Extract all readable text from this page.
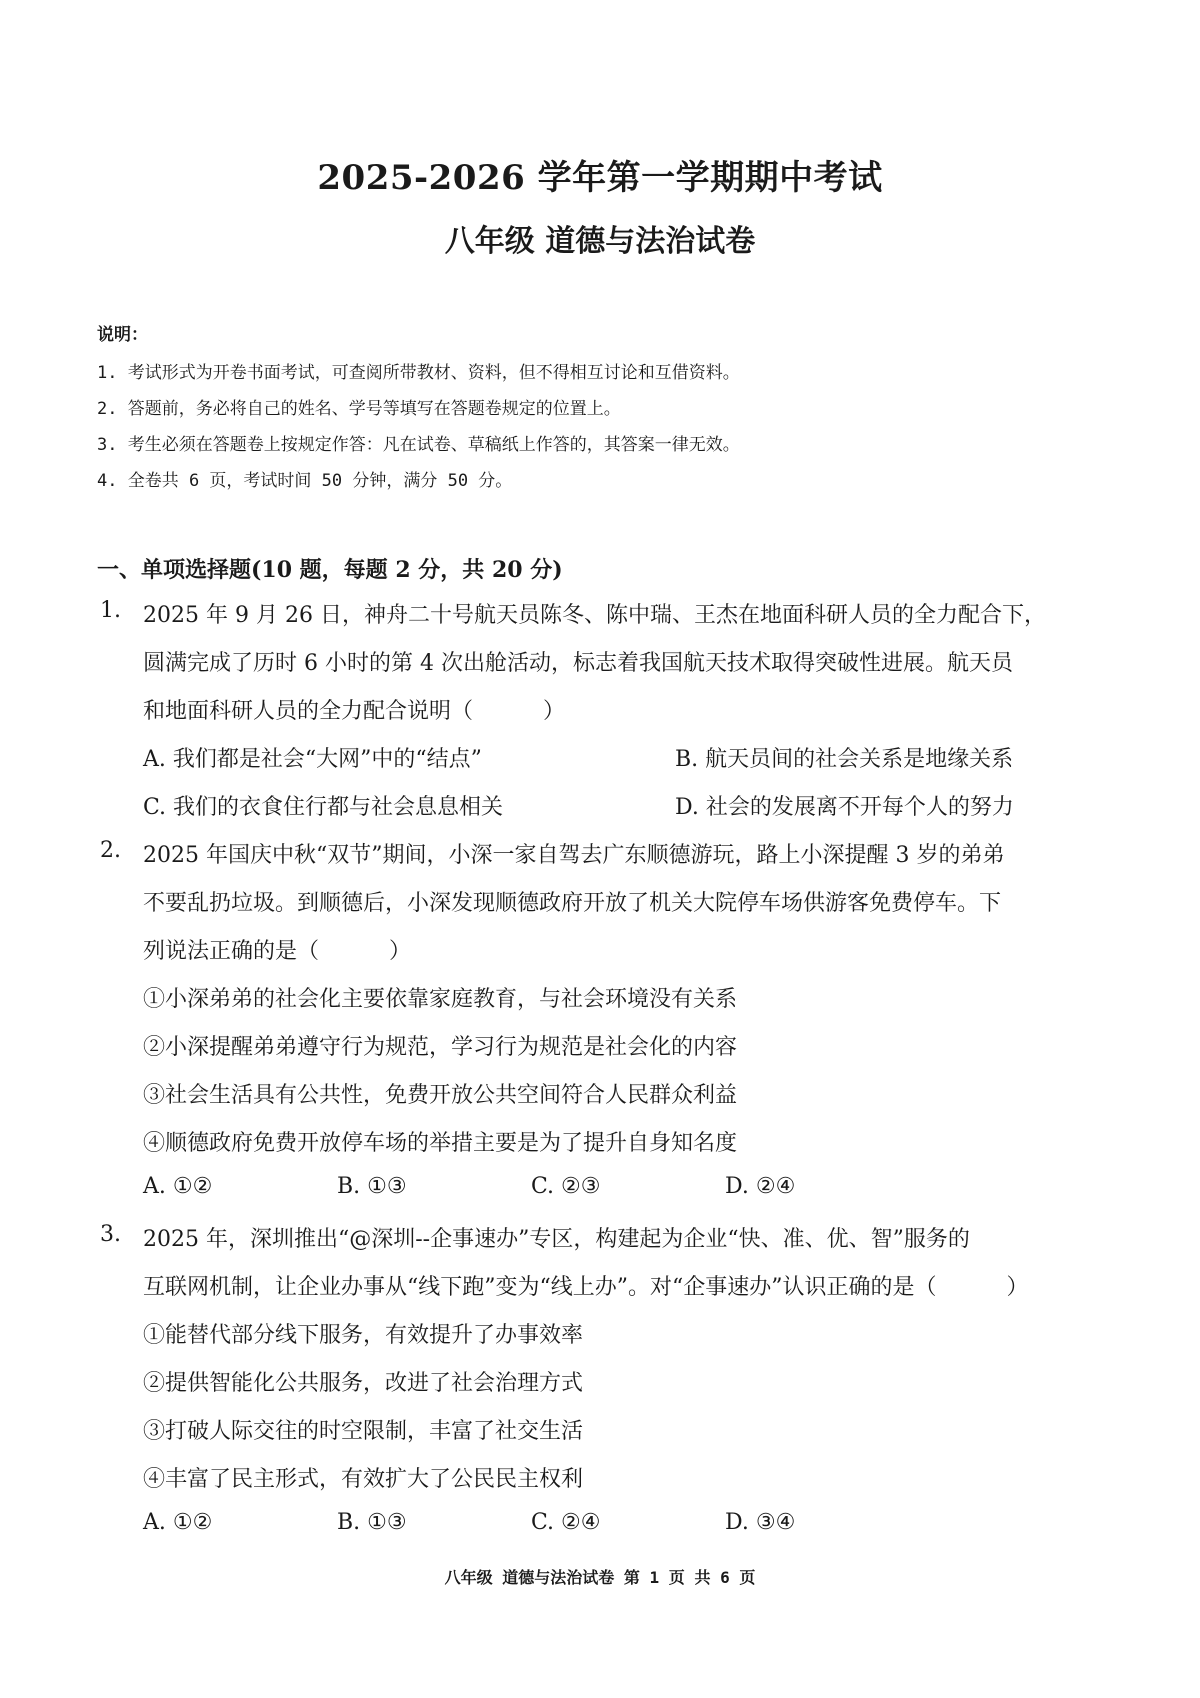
2025-2026 学年第一学期期中考试
八年级 道德与法治试卷
说明：
1. 考试形式为开卷书面考试，可查阅所带教材、资料，但不得相互讨论和互借资料。
2. 答题前，务必将自己的姓名、学号等填写在答题卷规定的位置上。
3. 考生必须在答题卷上按规定作答：凡在试卷、草稿纸上作答的，其答案一律无效。
4. 全卷共 6 页，考试时间 50 分钟，满分 50 分。
一、单项选择题(10 题，每题 2 分，共 20 分)
1. 2025 年 9 月 26 日，神舟二十号航天员陈冬、陈中瑞、王杰在地面科研人员的全力配合下，
圆满完成了历时 6 小时的第 4 次出舱活动，标志着我国航天技术取得突破性进展。航天员
和地面科研人员的全力配合说明（	）
A. 我们都是社会“大网”中的“结点”	B. 航天员间的社会关系是地缘关系
C. 我们的衣食住行都与社会息息相关	D. 社会的发展离不开每个人的努力
2. 2025 年国庆中秋“双节”期间，小深一家自驾去广东顺德游玩，路上小深提醒 3 岁的弟弟
不要乱扔垃圾。到顺德后，小深发现顺德政府开放了机关大院停车场供游客免费停车。下
列说法正确的是（	）
①小深弟弟的社会化主要依靠家庭教育，与社会环境没有关系
②小深提醒弟弟遵守行为规范，学习行为规范是社会化的内容
③社会生活具有公共性，免费开放公共空间符合人民群众利益
④顺德政府免费开放停车场的举措主要是为了提升自身知名度
A. ①②	B. ①③	C. ②③	D. ②④
3. 2025 年，深圳推出“@深圳--企事速办”专区，构建起为企业“快、准、优、智”服务的
互联网机制，让企业办事从“线下跑”变为“线上办”。对“企事速办”认识正确的是（	）
①能替代部分线下服务，有效提升了办事效率
②提供智能化公共服务，改进了社会治理方式
③打破人际交往的时空限制，丰富了社交生活
④丰富了民主形式，有效扩大了公民民主权利
A. ①②	B. ①③	C. ②④	D. ③④
八年级 道德与法治试卷 第 1 页 共 6 页
